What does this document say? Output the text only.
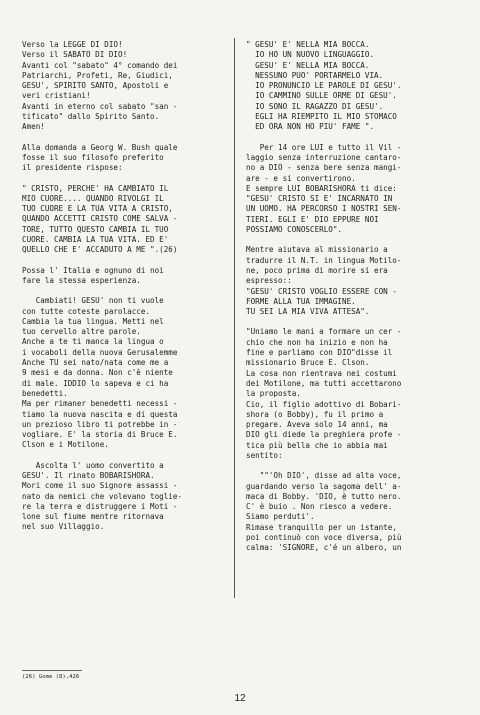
Verso la LEGGE DI DIO!
Verso il SABATO DI DIO!
Avanti col "sabato" 4° comando dei
Patriarchi, Profeti, Re, Giudici,
GESU', SPIRITO SANTO, Apostoli e
veri cristiani!
Avanti in eterno col sabato "san -
tificato" dallo Spirito Santo.
Amen!

Alla domanda a Georg W. Bush quale
fosse il suo filosofo preferito
il presidente rispose:

" CRISTO, PERCHE' HA CAMBIATO IL
MIO CUORE.... QUANDO RIVOLGI IL
TUO CUORE E LA TUA VITA A CRISTO,
QUANDO ACCETTI CRISTO COME SALVA -
TORE, TUTTO QUESTO CAMBIA IL TUO
CUORE. CAMBIA LA TUA VITA. ED E'
QUELLO CHE E' ACCADUTO A ME ".(26)

Possa l' Italia e ognuno di noi
fare la stessa esperienza.

Cambiati! GESU' non ti vuole
con tutte coteste parolacce.
Cambia la tua lingua. Metti nel
tuo cervello altre parole.
Anche a te ti manca la lingua o
i vocaboli della nuova Gerusalemme
Anche TU sei nato/nata come me a
9 mesi e da donna. Non c'è niente
di male. IDDIO lo sapeva e ci ha
benedetti.
Ma per rimaner benedetti necessi -
tiamo la nuova nascita e di questa
un prezioso libro ti potrebbe in -
vogliare. E' la storia di Bruce E.
Clson e i Motilone.

Ascolta l' uomo convertito a
GESU'. Il rinato BOBARISHORA.
Mori come il suo Signore assassi -
nato da nemici che volevano toglie-
re la terra e distruggere i Moti -
lone sul fiume mentre ritornava
nel suo Villaggio.

" GESU' E' NELLA MIA BOCCA.
IO HO UN NUOVO LINGUAGGIO.
GESU' E' NELLA MIA BOCCA.
NESSUNO PUO' PORTARMELO VIA.
IO PRONUNCIO LE PAROLE DI GESU'.
IO CAMMINO SULLE ORME DI GESU'.
IO SONO IL RAGAZZO DI GESU'.
EGLI HA RIEMPITO IL MIO STOMACO
ED ORA NON HO PIU' FAME ".

Per 14 ore LUI e tutto il Vil -
laggio senza interruzione cantaro-
no a DIO - senza bere senza mangi-
are - e si convertirono.
E sempre LUI BOBARISHORA ti dice:
"GESU' CRISTO SI E' INCARNATO IN
UN UOMO. HA PERCORSO I NOSTRI SEN-
TIERI. EGLI E' DIO EPPURE NOI
POSSIAMO CONOSCERLO".

Mentre aiutava al missionario a
tradurre il N.T. in lingua Motilo-
ne, poco prima di morire si era
espresso::
"GESU' CRISTO VOGLIO ESSERE CON -
FORME ALLA TUA IMMAGINE.
TU SEI LA MIA VIVA ATTESA".

"Uniamo le mani a formare un cer -
chio che non ha inizio e non ha
fine e parliamo con DIO"disse il
missionario Bruce E. Clson.
La cosa non rientrava nei costumi
dei Motilone, ma tutti accettarono
la proposta.
Cio, il figlio adottivo di Bobari-
shora (o Bobby), fu il primo a
pregare. Aveva solo 14 anni, ma
DIO gli diede la preghiera profe -
tica più bella che io abbia mai
sentito:

""'Oh DIO', disse ad alta voce,
guardando verso la sagoma dell' a-
maca di Bobby. 'DIO, è tutto nero.
C' è buio . Non riesco a vedere.
Siamo perduti'.
Rimase tranquillo per un istante,
poi continuò con voce diversa, più
calma: 'SIGNORE, c'é un albero, un

(26) Gome (8),426
12
